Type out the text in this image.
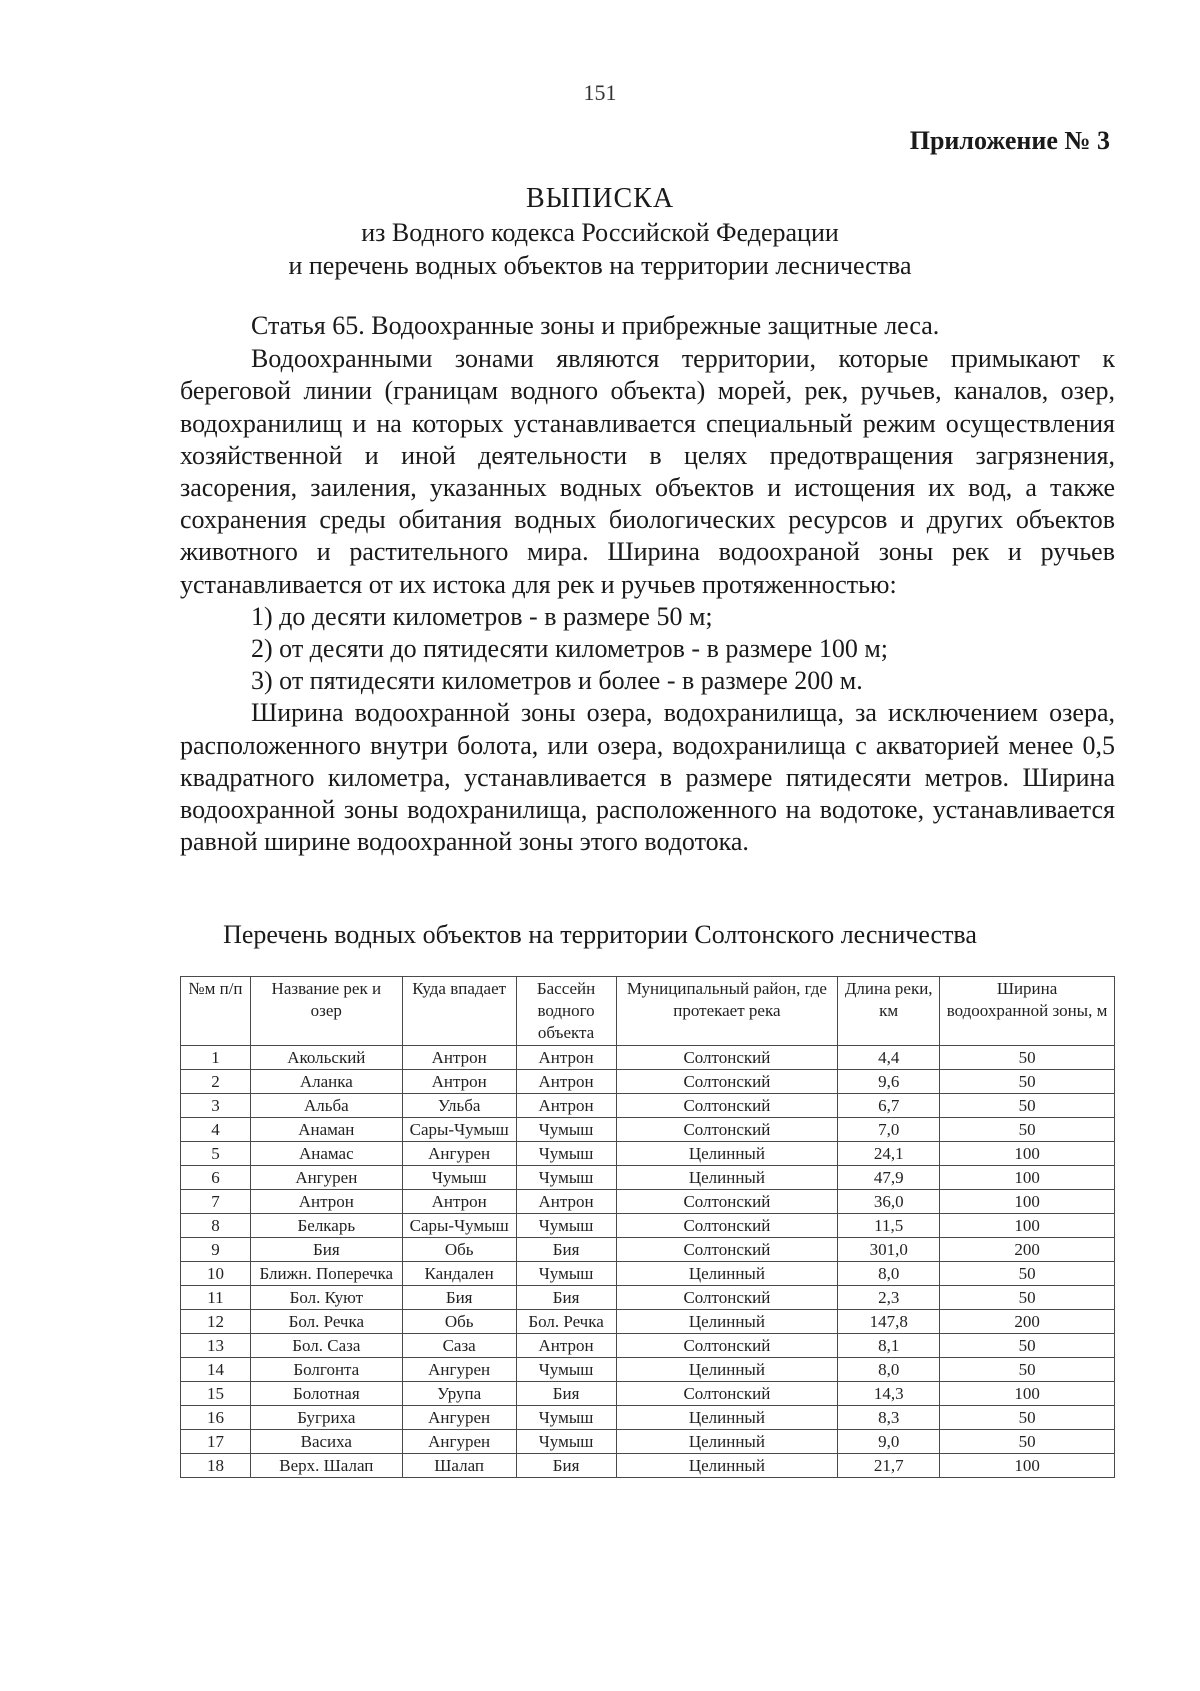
151
Приложение № 3
ВЫПИСКА
из Водного кодекса Российской Федерации
и перечень водных объектов на территории лесничества

Статья 65. Водоохранные зоны и прибрежные защитные леса.

Водоохранными зонами являются территории, которые примыкают к береговой линии (границам водного объекта) морей, рек, ручьев, каналов, озер, водохранилищ и на которых устанавливается специальный режим осуществления хозяйственной и иной деятельности в целях предотвращения загрязнения, засорения, заиления, указанных водных объектов и истощения их вод, а также сохранения среды обитания водных биологических ресурсов и других объектов животного и растительного мира. Ширина водоохраной зоны рек и ручьев устанавливается от их истока для рек и ручьев протяженностью:

1) до десяти километров - в размере 50 м;

2) от десяти до пятидесяти километров - в размере 100 м;

3) от пятидесяти километров и более - в размере 200 м.

Ширина водоохранной зоны озера, водохранилища, за исключением озера, расположенного внутри болота, или озера, водохранилища с акваторией менее 0,5 квадратного километра, устанавливается в размере пятидесяти метров. Ширина водоохранной зоны водохранилища, расположенного на водотоке, устанавливается равной ширине водоохранной зоны этого водотока.

Перечень водных объектов на территории Солтонского лесничества
№м п/п	Название рек и озер	Куда впадает	Бассейн водного объекта	Муниципальный район, где протекает река	Длина реки, км	Ширина водоохранной зоны, м
1	Акольский	Антрон	Антрон	Солтонский	4,4	50
2	Аланка	Антрон	Антрон	Солтонский	9,6	50
3	Альба	Ульба	Антрон	Солтонский	6,7	50
4	Анаман	Сары-Чумыш	Чумыш	Солтонский	7,0	50
5	Анамас	Ангурен	Чумыш	Целинный	24,1	100
6	Ангурен	Чумыш	Чумыш	Целинный	47,9	100
7	Антрон	Антрон	Антрон	Солтонский	36,0	100
8	Белкарь	Сары-Чумыш	Чумыш	Солтонский	11,5	100
9	Бия	Обь	Бия	Солтонский	301,0	200
10	Ближн. Поперечка	Кандален	Чумыш	Целинный	8,0	50
11	Бол. Куют	Бия	Бия	Солтонский	2,3	50
12	Бол. Речка	Обь	Бол. Речка	Целинный	147,8	200
13	Бол. Саза	Саза	Антрон	Солтонский	8,1	50
14	Болгонта	Ангурен	Чумыш	Целинный	8,0	50
15	Болотная	Урупа	Бия	Солтонский	14,3	100
16	Бугриха	Ангурен	Чумыш	Целинный	8,3	50
17	Васиха	Ангурен	Чумыш	Целинный	9,0	50
18	Верх. Шалап	Шалап	Бия	Целинный	21,7	100
